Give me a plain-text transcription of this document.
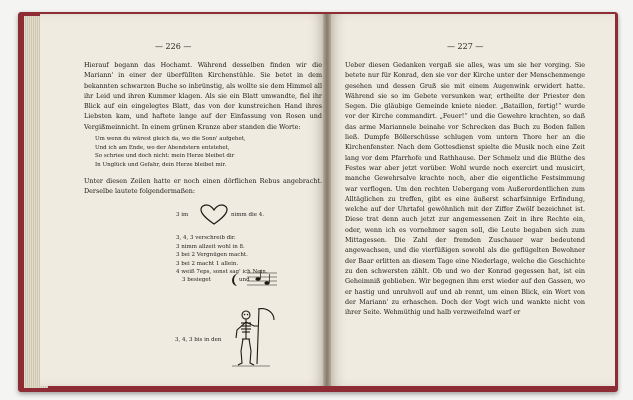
— 226 —
Hierauf begann das Hochamt. Während desselben finden wir die Mariann' in einer der überfüllten Kirchenstühle. Sie betet in dem bekannten schwarzen Buche so inbrünstig, als wollte sie dem Himmel all ihr Leid und ihren Kummer klagen. Als sie ein Blatt umwandte, fiel ihr Blick auf ein eingelegtes Blatt, das von der kunstreichen Hand ihres Liebsten kam, und haftete lange auf der Einfassung von Rosen und Vergißmeinnicht. In einem grünen Kranze aber standen die Worte:
Um wenn du wärest gleich da, wo die Sonn' aufgehet,
Und ich am Ende, wo der Abendstern entstehet,
So schriee und doch nicht: mein Herze bleibet dir
In Unglück und Gefahr, dein Herze bleibet mir.
Unter diesen Zeilen hatte er noch einen dörflichen Rebus angebracht. Derselbe lautete folgendermaßen:
3 im	nimm die 4.
3, 4, 3 verschreib dir.
3 nimm allzeit wohl in 8.
3 bei 2 Vergnügen macht.
3 bei 2 macht 1 allein.
4 weiß 7eps, sonst sag' ich Nein.
3 besieget	und
3, 4, 3 bis in den
— 227 —
Ueber diesen Gedanken vergaß sie alles, was um sie her vorging. Sie betete nur für Konrad, den sie vor der Kirche unter der Menschenmenge gesehen und dessen Gruß sie mit einem Augenwink erwidert hatte. Während sie so im Gebete versunken war, ertheilte der Priester den Segen. Die gläubige Gemeinde kniete nieder. „Bataillon, fertig!“ wurde vor der Kirche commandirt. „Feuer!“ und die Gewehre krachten, so daß das arme Mariannele beinahe vor Schrecken das Buch zu Boden fallen ließ. Dumpfe Böllerschüsse schlugen vom untern Thore her an die Kirchenfenster. Nach dem Gottesdienst spielte die Musik noch eine Zeit lang vor dem Pfarrhofe und Rathhause. Der Schmelz und die Blüthe des Festes war aber jetzt vorüber. Wohl wurde noch exercirt und musicirt, manche Gewehrsalve krachte noch, aber die eigentliche Festsimmung war verflogen. Um den rechten Uebergang vom Außerordentlichen zum Alltäglichen zu treffen, gibt es eine äußerst scharfsinnige Erfindung, welche auf der Uhrtafel gewöhnlich mit der Ziffer Zwölf bezeichnet ist. Diese trat denn auch jetzt zur angemessenen Zeit in ihre Rechte ein, oder, wenn ich es vornehmer sagen soll, die Leute begaben sich zum Mittagessen. Die Zahl der fremden Zuschauer war bedeutend angewachsen, und die vierfüßigen sowohl als die geflügelten Bewohner der Baar erlitten an diesem Tage eine Niederlage, welche die Geschichte zu den schwersten zählt. Ob und wo der Konrad gegessen hat, ist ein Geheimniß geblieben. Wir begegnen ihm erst wieder auf den Gassen, wo er hastig und unruhvoll auf und ab rennt, um einen Blick, ein Wort von der Mariann' zu erhaschen. Doch der Vogt wich und wankte nicht von ihrer Seite. Wehmüthig und halb verzweifelnd warf er
